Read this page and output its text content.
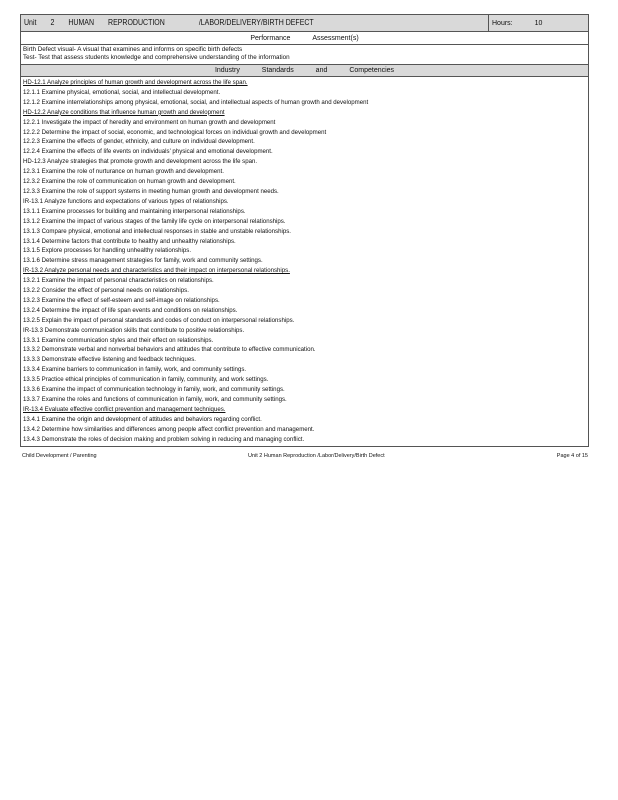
Unit 2 HUMAN REPRODUCTION	/LABOR/DELIVERY/BIRTH DEFECT	Hours:	10

Performance	Assessment(s)

Birth Defect visual- A visual that examines and informs on specific birth defects
Test- Test that assess students knowledge and comprehensive understanding of the information
Industry	Standards	and	Competencies
HD-12.1 Analyze principles of human growth and development across the life span.
12.1.1 Examine physical, emotional, social, and intellectual development.
12.1.2 Examine interrelationships among physical, emotional, social, and intellectual aspects of human growth and development
HD-12.2 Analyze conditions that influence human growth and development
12.2.1 Investigate the impact of heredity and environment on human growth and development
12.2.2 Determine the impact of social, economic, and technological forces on individual growth and development
12.2.3 Examine the effects of gender, ethnicity, and culture on individual development.
12.2.4 Examine the effects of life events on individuals' physical and emotional development.
HD-12.3 Analyze strategies that promote growth and development across the life span.
12.3.1 Examine the role of nurturance on human growth and development.
12.3.2 Examine the role of communication on human growth and development.
12.3.3 Examine the role of support systems in meeting human growth and development needs.
IR-13.1 Analyze functions and expectations of various types of relationships.
13.1.1 Examine processes for building and maintaining interpersonal relationships.
13.1.2 Examine the impact of various stages of the family life cycle on interpersonal relationships.
13.1.3 Compare physical, emotional and intellectual responses in stable and unstable relationships.
13.1.4 Determine factors that contribute to healthy and unhealthy relationships.
13.1.5 Explore processes for handling unhealthy relationships.
13.1.6 Determine stress management strategies for family, work and community settings.
IR-13.2 Analyze personal needs and characteristics and their impact on interpersonal relationships.
13.2.1 Examine the impact of personal characteristics on relationships.
13.2.2 Consider the effect of personal needs on relationships.
13.2.3 Examine the effect of self-esteem and self-image on relationships.
13.2.4 Determine the impact of life span events and conditions on relationships.
13.2.5 Explain the impact of personal standards and codes of conduct on interpersonal relationships.
IR-13.3 Demonstrate communication skills that contribute to positive relationships.
13.3.1 Examine communication styles and their effect on relationships.
13.3.2 Demonstrate verbal and nonverbal behaviors and attitudes that contribute to effective communication.
13.3.3 Demonstrate effective listening and feedback techniques.
13.3.4 Examine barriers to communication in family, work, and community settings.
13.3.5 Practice ethical principles of communication in family, community, and work settings.
13.3.6 Examine the impact of communication technology in family, work, and community settings.
13.3.7 Examine the roles and functions of communication in family, work, and community settings.
IR-13.4 Evaluate effective conflict prevention and management techniques.
13.4.1 Examine the origin and development of attitudes and behaviors regarding conflict.
13.4.2 Determine how similarities and differences among people affect conflict prevention and management.
13.4.3 Demonstrate the roles of decision making and problem solving in reducing and managing conflict.
Child Development / Parenting	Unit 2 Human Reproduction /Labor/Delivery/Birth Defect	Page 4 of 15
